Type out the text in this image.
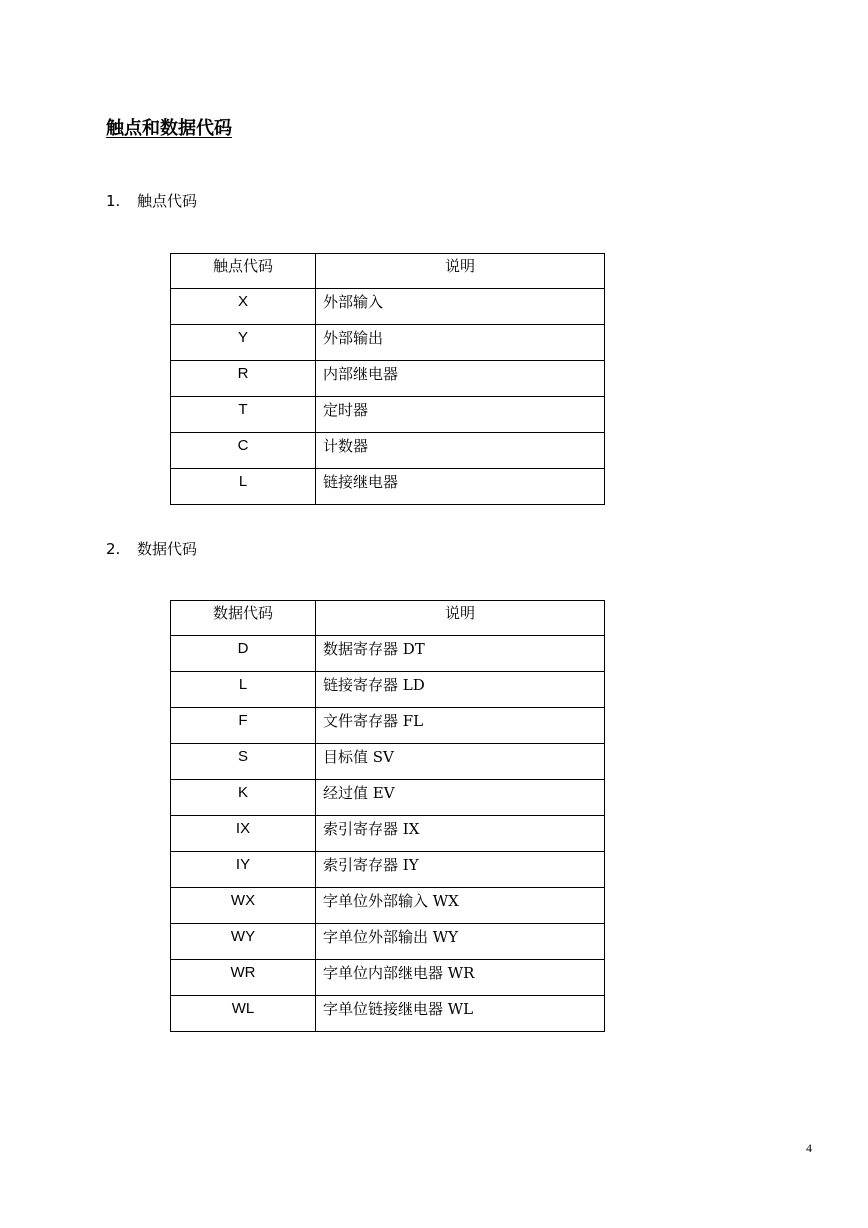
触点和数据代码
1. 触点代码
触点代码	说明
X	外部输入
Y	外部输出
R	内部继电器
T	定时器
C	计数器
L	链接继电器
2. 数据代码
数据代码	说明
D	数据寄存器 DT
L	链接寄存器 LD
F	文件寄存器 FL
S	目标值 SV
K	经过值 EV
IX	索引寄存器 IX
IY	索引寄存器 IY
WX	字单位外部输入 WX
WY	字单位外部输出 WY
WR	字单位内部继电器 WR
WL	字单位链接继电器 WL
4
